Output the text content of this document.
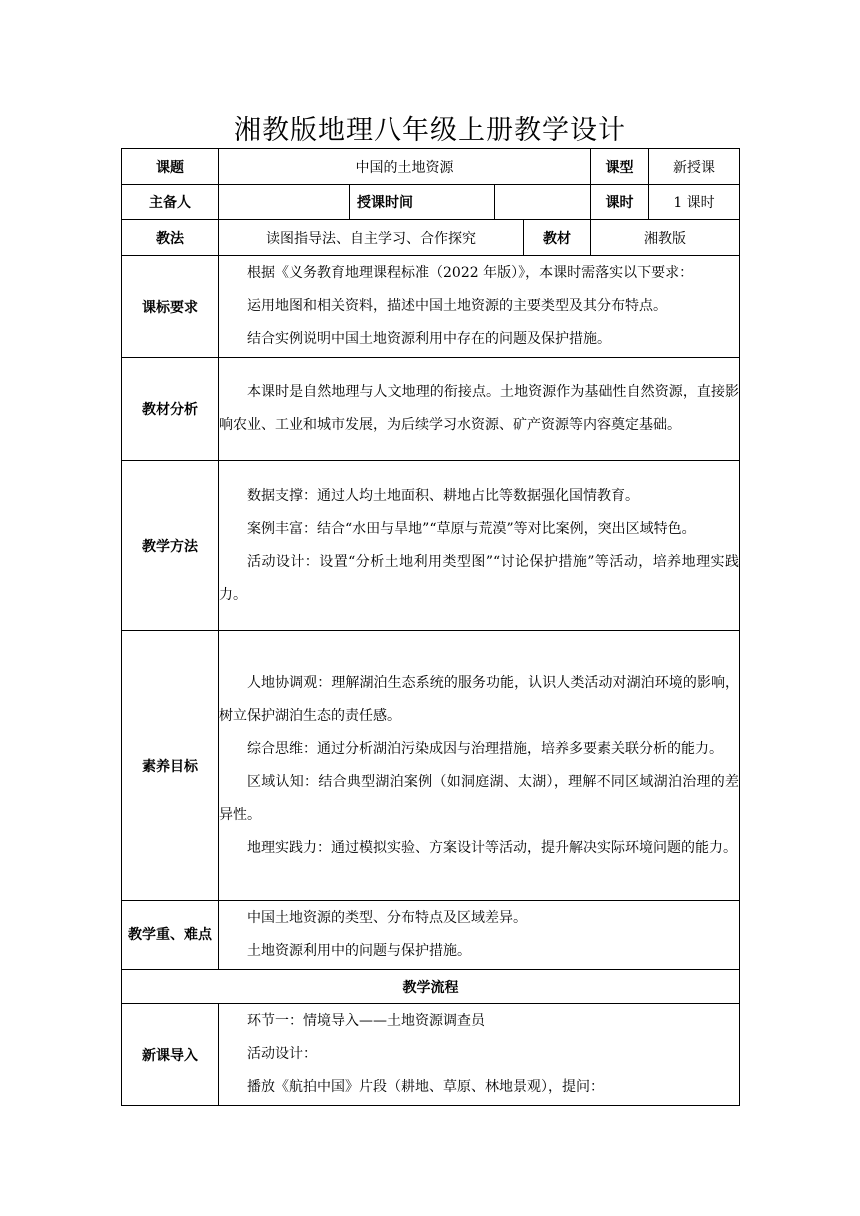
湘教版地理八年级上册教学设计
课题	中国的土地资源				课型	新授课
主备人		授课时间			课时	1 课时
教法	读图指导法、自主学习、合作探究			教材	湘教版	
课标要求	根据《义务教育地理课程标准（2022 年版）》，本课时需落实以下要求：

运用地图和相关资料，描述中国土地资源的主要类型及其分布特点。

结合实例说明中国土地资源利用中存在的问题及保护措施。					

教材分析	本课时是自然地理与人文地理的衔接点。土地资源作为基础性自然资源，直接影响农业、工业和城市发展，为后续学习水资源、矿产资源等内容奠定基础。					

教学方法	数据支撑：通过人均土地面积、耕地占比等数据强化国情教育。

案例丰富：结合“水田与旱地”“草原与荒漠”等对比案例，突出区域特色。

活动设计：设置“分析土地利用类型图”“讨论保护措施”等活动，培养地理实践力。					

素养目标	人地协调观：理解湖泊生态系统的服务功能，认识人类活动对湖泊环境的影响，树立保护湖泊生态的责任感。

综合思维：通过分析湖泊污染成因与治理措施，培养多要素关联分析的能力。

区域认知：结合典型湖泊案例（如洞庭湖、太湖），理解不同区域湖泊治理的差异性。

地理实践力：通过模拟实验、方案设计等活动，提升解决实际环境问题的能力。					

教学重、难点	中国土地资源的类型、分布特点及区域差异。

土地资源利用中的问题与保护措施。					

教学流程						
新课导入	环节一：情境导入——土地资源调查员

活动设计：

播放《航拍中国》片段（耕地、草原、林地景观），提问：					
